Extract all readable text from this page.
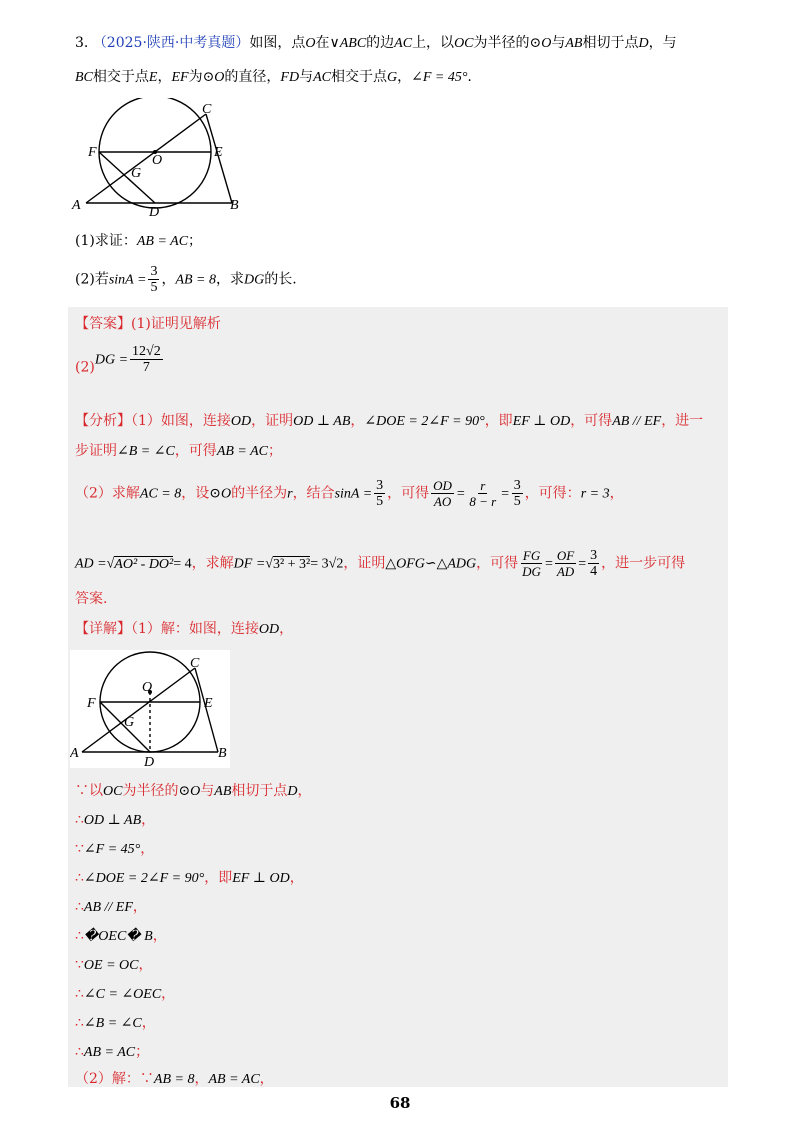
3. （2025·陕西·中考真题）如图，点O在∨ABC的边AC上，以OC为半径的⊙O与AB相切于点D，与
BC相交于点E，EF为⊙O的直径，FD与AC相交于点G，∠F = 45°.
C
F
O
E
G
A	D	B
(1)求证：AB = AC；
(2)若$\sin A = \frac{3}{5}$ ，AB = 8，求DG的长.
【答案】(1)证明见解析
$(2)DG = \frac{12√2}{7}$
【分析】（1）如图，连接OD，证明OD ⊥ AB，∠DOE = 2∠F = 90°，即EF ⊥ OD，可得AB // EF，进一
步证明∠B = ∠C，可得AB = AC；
（2）求解AC = 8，设⊙O的半径为r，结合$\sin A = \frac{3}{5}$ ，可得 $\frac{OD}{AO} = \frac{r}{8 - r} = \frac{3}{5}$ ，可得：r = 3，
AD =√AO² - DO²= 4，求解DF =√3² + 3²= 3√2，证明△OFG∽△ADG，可得 $\frac{FG}{DG} = \frac{OF}{AD} = \frac{3}{4}$ ，进一步可得
答案.
【详解】（1）解：如图，连接OD，
C
F
O
E
G
A
D
B
∵以OC为半径的⊙O与AB相切于点D，
∴OD ⊥ AB，
∵∠F = 45°，
∴∠DOE = 2∠F = 90°，即EF ⊥ OD，
∴AB // EF，
∴�OEC� B，
∵OE = OC，
∴∠C = ∠OEC，
∴∠B = ∠C，
∴AB = AC；
（2）解：∵AB = 8，AB = AC，
68
